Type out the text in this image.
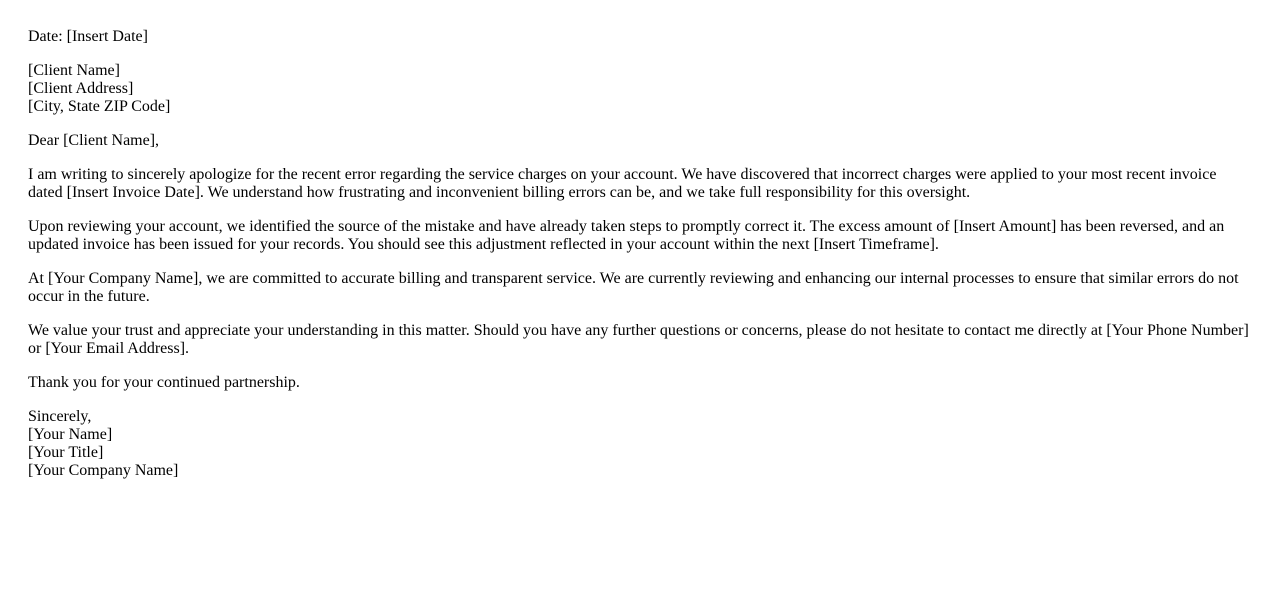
Date: [Insert Date]

[Client Name]
[Client Address]
[City, State ZIP Code]

Dear [Client Name],

I am writing to sincerely apologize for the recent error regarding the service charges on your account. We have discovered that incorrect charges were applied to your most recent invoice dated [Insert Invoice Date]. We understand how frustrating and inconvenient billing errors can be, and we take full responsibility for this oversight.

Upon reviewing your account, we identified the source of the mistake and have already taken steps to promptly correct it. The excess amount of [Insert Amount] has been reversed, and an updated invoice has been issued for your records. You should see this adjustment reflected in your account within the next [Insert Timeframe].

At [Your Company Name], we are committed to accurate billing and transparent service. We are currently reviewing and enhancing our internal processes to ensure that similar errors do not occur in the future.

We value your trust and appreciate your understanding in this matter. Should you have any further questions or concerns, please do not hesitate to contact me directly at [Your Phone Number] or [Your Email Address].

Thank you for your continued partnership.

Sincerely,
[Your Name]
[Your Title]
[Your Company Name]
